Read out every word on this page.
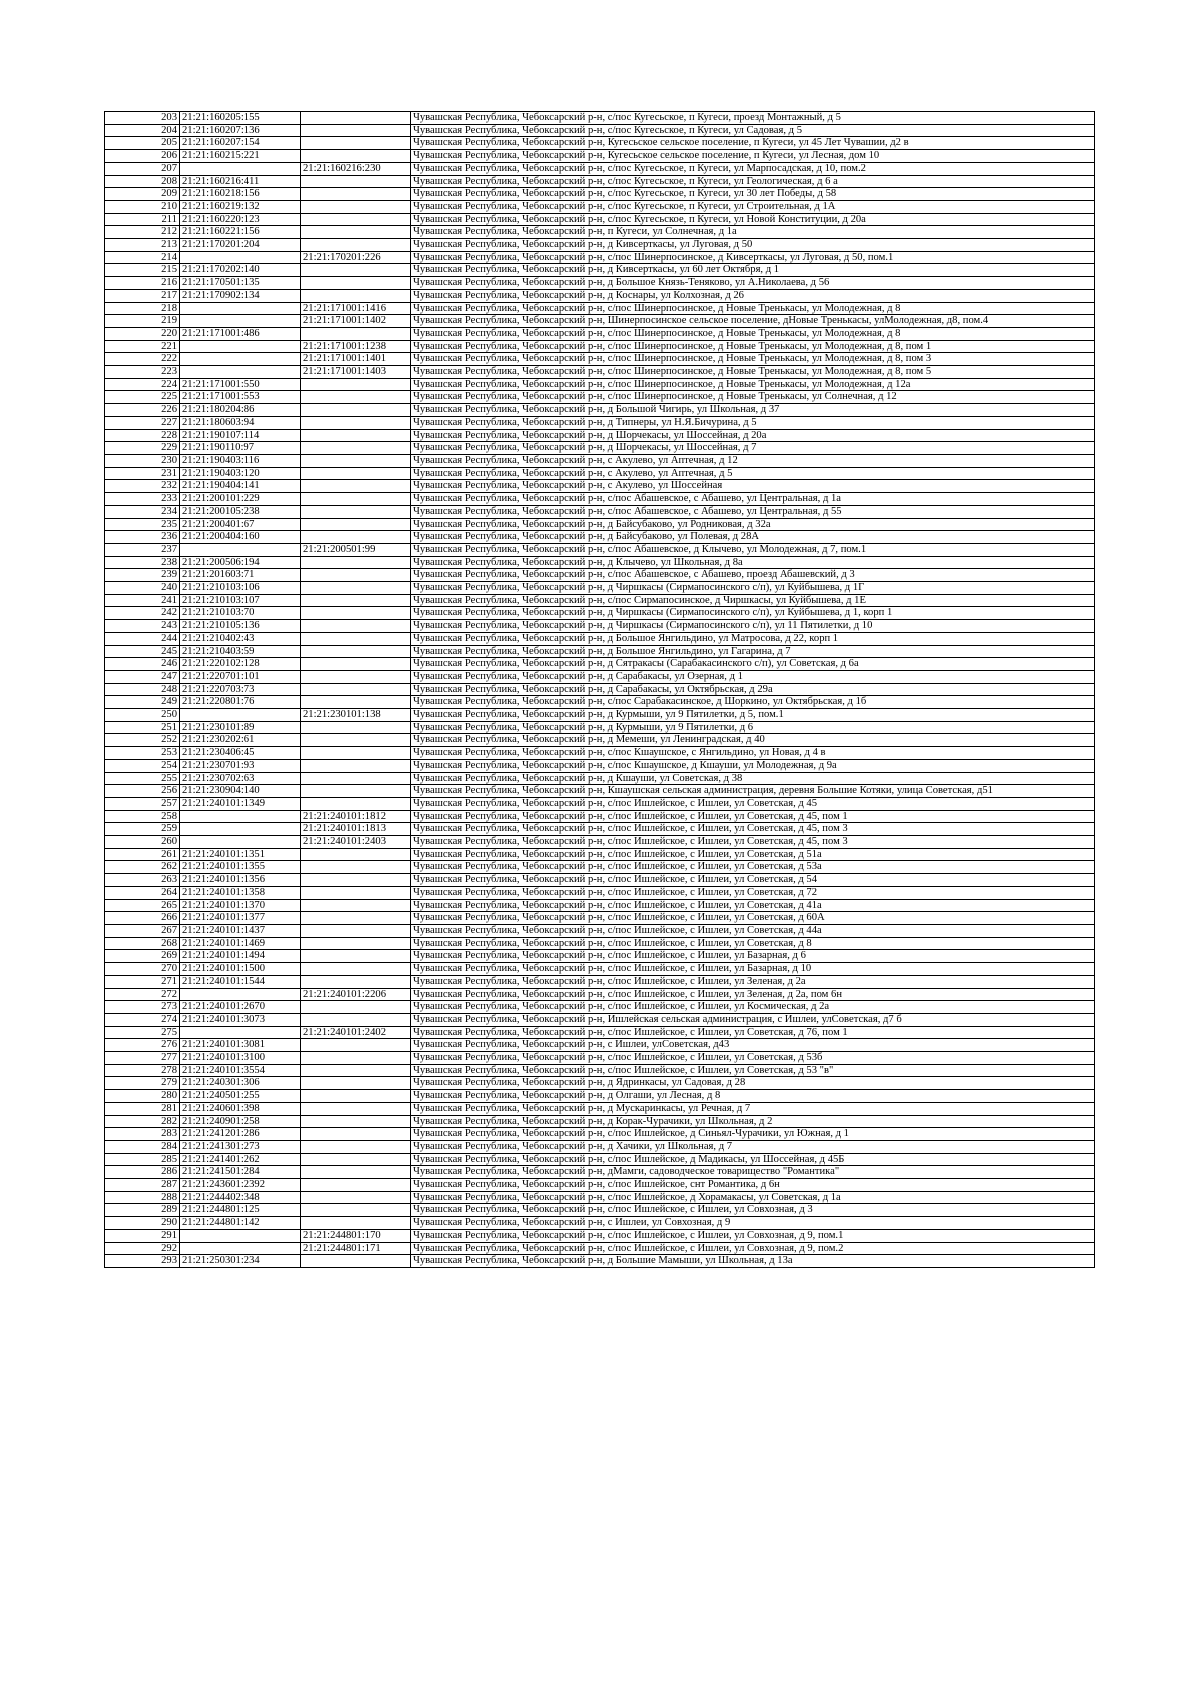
203	21:21:160205:155		Чувашская Республика, Чебоксарский р-н, с/пос Кугесьское, п Кугеси, проезд Монтажный, д 5
204	21:21:160207:136		Чувашская Республика, Чебоксарский р-н, с/пос Кугесьское, п Кугеси, ул Садовая, д 5
205	21:21:160207:154		Чувашская Республика, Чебоксарский р-н, Кугесьское сельское поселение, п Кугеси, ул 45 Лет Чувашии, д2 в
206	21:21:160215:221		Чувашская Республика, Чебоксарский р-н, Кугесьское сельское поселение, п Кугеси, ул Лесная, дом 10
207		21:21:160216:230	Чувашская Республика, Чебоксарский р-н, с/пос Кугесьское, п Кугеси, ул Марпосадская, д 10, пом.2
208	21:21:160216:411		Чувашская Республика, Чебоксарский р-н, с/пос Кугесьское, п Кугеси, ул Геологическая, д 6 а
209	21:21:160218:156		Чувашская Республика, Чебоксарский р-н, с/пос Кугесьское, п Кугеси, ул 30 лет Победы, д 58
210	21:21:160219:132		Чувашская Республика, Чебоксарский р-н, с/пос Кугесьское, п Кугеси, ул Строительная, д 1А
211	21:21:160220:123		Чувашская Республика, Чебоксарский р-н, с/пос Кугесьское, п Кугеси, ул Новой Конституции, д 20а
212	21:21:160221:156		Чувашская Республика, Чебоксарский р-н, п Кугеси, ул Солнечная, д 1а
213	21:21:170201:204		Чувашская Республика, Чебоксарский р-н, д Кивсерткасы, ул Луговая, д 50
214		21:21:170201:226	Чувашская Республика, Чебоксарский р-н, с/пос Шинерпосинское, д Кивсерткасы, ул Луговая, д 50, пом.1
215	21:21:170202:140		Чувашская Республика, Чебоксарский р-н, д Кивсерткасы, ул 60 лет Октября, д 1
216	21:21:170501:135		Чувашская Республика, Чебоксарский р-н, д Большое Князь-Теняково, ул А.Николаева, д 56
217	21:21:170902:134		Чувашская Республика, Чебоксарский р-н, д Коснары, ул Колхозная, д 26
218		21:21:171001:1416	Чувашская Республика, Чебоксарский р-н, с/пос Шинерпосинское, д Новые Тренькасы, ул Молодежная, д 8
219		21:21:171001:1402	Чувашская Республика, Чебоксарский р-н, Шинерпосинское сельское поселение, дНовые Тренькасы, улМолодежная, д8, пом.4
220	21:21:171001:486		Чувашская Республика, Чебоксарский р-н, с/пос Шинерпосинское, д Новые Тренькасы, ул Молодежная, д 8
221		21:21:171001:1238	Чувашская Республика, Чебоксарский р-н, с/пос Шинерпосинское, д Новые Тренькасы, ул Молодежная, д 8, пом 1
222		21:21:171001:1401	Чувашская Республика, Чебоксарский р-н, с/пос Шинерпосинское, д Новые Тренькасы, ул Молодежная, д 8, пом 3
223		21:21:171001:1403	Чувашская Республика, Чебоксарский р-н, с/пос Шинерпосинское, д Новые Тренькасы, ул Молодежная, д 8, пом 5
224	21:21:171001:550		Чувашская Республика, Чебоксарский р-н, с/пос Шинерпосинское, д Новые Тренькасы, ул Молодежная, д 12а
225	21:21:171001:553		Чувашская Республика, Чебоксарский р-н, с/пос Шинерпосинское, д Новые Тренькасы, ул Солнечная, д 12
226	21:21:180204:86		Чувашская Республика, Чебоксарский р-н, д Большой Чигирь, ул Школьная, д 37
227	21:21:180603:94		Чувашская Республика, Чебоксарский р-н, д Типнеры, ул Н.Я.Бичурина, д 5
228	21:21:190107:114		Чувашская Республика, Чебоксарский р-н, д Шорчекасы, ул Шоссейная, д 20а
229	21:21:190110:97		Чувашская Республика, Чебоксарский р-н, д Шорчекасы, ул Шоссейная, д 7
230	21:21:190403:116		Чувашская Республика, Чебоксарский р-н, с Акулево, ул Аптечная, д 12
231	21:21:190403:120		Чувашская Республика, Чебоксарский р-н, с Акулево, ул Аптечная, д 5
232	21:21:190404:141		Чувашская Республика, Чебоксарский р-н, с Акулево, ул Шоссейная
233	21:21:200101:229		Чувашская Республика, Чебоксарский р-н, с/пос Абашевское, с Абашево, ул Центральная, д 1а
234	21:21:200105:238		Чувашская Республика, Чебоксарский р-н, с/пос Абашевское, с Абашево, ул Центральная, д 55
235	21:21:200401:67		Чувашская Республика, Чебоксарский р-н, д Байсубаково, ул Родниковая, д 32а
236	21:21:200404:160		Чувашская Республика, Чебоксарский р-н, д Байсубаково, ул Полевая, д 28А
237		21:21:200501:99	Чувашская Республика, Чебоксарский р-н, с/пос Абашевское, д Клычево, ул Молодежная, д 7, пом.1
238	21:21:200506:194		Чувашская Республика, Чебоксарский р-н, д Клычево, ул Школьная, д 8а
239	21:21:201603:71		Чувашская Республика, Чебоксарский р-н, с/пос Абашевское, с Абашево, проезд Абашевский, д 3
240	21:21:210103:106		Чувашская Республика, Чебоксарский р-н, д Чиршкасы (Сирмапосинского с/п), ул Куйбышева, д 1Г
241	21:21:210103:107		Чувашская Республика, Чебоксарский р-н, с/пос Сирмапосинское, д Чиршкасы, ул Куйбышева, д 1Е
242	21:21:210103:70		Чувашская Республика, Чебоксарский р-н, д Чиршкасы (Сирмапосинского с/п), ул Куйбышева, д 1, корп 1
243	21:21:210105:136		Чувашская Республика, Чебоксарский р-н, д Чиршкасы (Сирмапосинского с/п), ул 11 Пятилетки, д 10
244	21:21:210402:43		Чувашская Республика, Чебоксарский р-н, д Большое Янгильдино, ул Матросова, д 22, корп 1
245	21:21:210403:59		Чувашская Республика, Чебоксарский р-н, д Большое Янгильдино, ул Гагарина, д 7
246	21:21:220102:128		Чувашская Республика, Чебоксарский р-н, д Сятракасы (Сарабакасинского с/п), ул Советская, д 6а
247	21:21:220701:101		Чувашская Республика, Чебоксарский р-н, д Сарабакасы, ул Озерная, д 1
248	21:21:220703:73		Чувашская Республика, Чебоксарский р-н, д Сарабакасы, ул Октябрьская, д 29а
249	21:21:220801:76		Чувашская Республика, Чебоксарский р-н, с/пос Сарабакасинское, д Шоркино, ул Октябрьская, д 1б
250		21:21:230101:138	Чувашская Республика, Чебоксарский р-н, д Курмыши, ул 9 Пятилетки, д 5, пом.1
251	21:21:230101:89		Чувашская Республика, Чебоксарский р-н, д Курмыши, ул 9 Пятилетки, д 6
252	21:21:230202:61		Чувашская Республика, Чебоксарский р-н, д Мемеши, ул Ленинградская, д 40
253	21:21:230406:45		Чувашская Республика, Чебоксарский р-н, с/пос Кшаушское, с Янгильдино, ул Новая, д 4 в
254	21:21:230701:93		Чувашская Республика, Чебоксарский р-н, с/пос Кшаушское, д Кшауши, ул Молодежная, д 9а
255	21:21:230702:63		Чувашская Республика, Чебоксарский р-н, д Кшауши, ул Советская, д 38
256	21:21:230904:140		Чувашская Республика, Чебоксарский р-н, Кшаушская сельская администрация, деревня Большие Котяки, улица Советская, д51
257	21:21:240101:1349		Чувашская Республика, Чебоксарский р-н, с/пос Ишлейское, с Ишлеи, ул Советская, д 45
258		21:21:240101:1812	Чувашская Республика, Чебоксарский р-н, с/пос Ишлейское, с Ишлеи, ул Советская, д 45, пом 1
259		21:21:240101:1813	Чувашская Республика, Чебоксарский р-н, с/пос Ишлейское, с Ишлеи, ул Советская, д 45, пом 3
260		21:21:240101:2403	Чувашская Республика, Чебоксарский р-н, с/пос Ишлейское, с Ишлеи, ул Советская, д 45, пом 3
261	21:21:240101:1351		Чувашская Республика, Чебоксарский р-н, с/пос Ишлейское, с Ишлеи, ул Советская, д 51а
262	21:21:240101:1355		Чувашская Республика, Чебоксарский р-н, с/пос Ишлейское, с Ишлеи, ул Советская, д 53а
263	21:21:240101:1356		Чувашская Республика, Чебоксарский р-н, с/пос Ишлейское, с Ишлеи, ул Советская, д 54
264	21:21:240101:1358		Чувашская Республика, Чебоксарский р-н, с/пос Ишлейское, с Ишлеи, ул Советская, д 72
265	21:21:240101:1370		Чувашская Республика, Чебоксарский р-н, с/пос Ишлейское, с Ишлеи, ул Советская, д 41а
266	21:21:240101:1377		Чувашская Республика, Чебоксарский р-н, с/пос Ишлейское, с Ишлеи, ул Советская, д 60А
267	21:21:240101:1437		Чувашская Республика, Чебоксарский р-н, с/пос Ишлейское, с Ишлеи, ул Советская, д 44а
268	21:21:240101:1469		Чувашская Республика, Чебоксарский р-н, с/пос Ишлейское, с Ишлеи, ул Советская, д 8
269	21:21:240101:1494		Чувашская Республика, Чебоксарский р-н, с/пос Ишлейское, с Ишлеи, ул Базарная, д 6
270	21:21:240101:1500		Чувашская Республика, Чебоксарский р-н, с/пос Ишлейское, с Ишлеи, ул Базарная, д 10
271	21:21:240101:1544		Чувашская Республика, Чебоксарский р-н, с/пос Ишлейское, с Ишлеи, ул Зеленая, д 2а
272		21:21:240101:2206	Чувашская Республика, Чебоксарский р-н, с/пос Ишлейское, с Ишлеи, ул Зеленая, д 2а, пом 6н
273	21:21:240101:2670		Чувашская Республика, Чебоксарский р-н, с/пос Ишлейское, с Ишлеи, ул Космическая, д 2а
274	21:21:240101:3073		Чувашская Республика, Чебоксарский р-н, Ишлейская сельская администрация, с Ишлеи, улСоветская, д7 б
275		21:21:240101:2402	Чувашская Республика, Чебоксарский р-н, с/пос Ишлейское, с Ишлеи, ул Советская, д 76, пом 1
276	21:21:240101:3081		Чувашская Республика, Чебоксарский р-н, с Ишлеи, улСоветская, д43
277	21:21:240101:3100		Чувашская Республика, Чебоксарский р-н, с/пос Ишлейское, с Ишлеи, ул Советская, д 53б
278	21:21:240101:3554		Чувашская Республика, Чебоксарский р-н, с/пос Ишлейское, с Ишлеи, ул Советская, д 53 "в"
279	21:21:240301:306		Чувашская Республика, Чебоксарский р-н, д Ядринкасы, ул Садовая, д 28
280	21:21:240501:255		Чувашская Республика, Чебоксарский р-н, д Олгаши, ул Лесная, д 8
281	21:21:240601:398		Чувашская Республика, Чебоксарский р-н, д Мускаринкасы, ул Речная, д 7
282	21:21:240901:258		Чувашская Республика, Чебоксарский р-н, д Корак-Чурачики, ул Школьная, д 2
283	21:21:241201:286		Чувашская Республика, Чебоксарский р-н, с/пос Ишлейское, д Синьял-Чурачики, ул Южная, д 1
284	21:21:241301:273		Чувашская Республика, Чебоксарский р-н, д Хачики, ул Школьная, д 7
285	21:21:241401:262		Чувашская Республика, Чебоксарский р-н, с/пос Ишлейское, д Мадикасы, ул Шоссейная, д 45Б
286	21:21:241501:284		Чувашская Республика, Чебоксарский р-н, дМамги, садоводческое товарищество "Романтика"
287	21:21:243601:2392		Чувашская Республика, Чебоксарский р-н, с/пос Ишлейское, снт Романтика, д 6н
288	21:21:244402:348		Чувашская Республика, Чебоксарский р-н, с/пос Ишлейское, д Хорамакасы, ул Советская, д 1а
289	21:21:244801:125		Чувашская Республика, Чебоксарский р-н, с/пос Ишлейское, с Ишлеи, ул Совхозная, д 3
290	21:21:244801:142		Чувашская Республика, Чебоксарский р-н, с Ишлеи, ул Совхозная, д 9
291		21:21:244801:170	Чувашская Республика, Чебоксарский р-н, с/пос Ишлейское, с Ишлеи, ул Совхозная, д 9, пом.1
292		21:21:244801:171	Чувашская Республика, Чебоксарский р-н, с/пос Ишлейское, с Ишлеи, ул Совхозная, д 9, пом.2
293	21:21:250301:234		Чувашская Республика, Чебоксарский р-н, д Большие Мамыши, ул Школьная, д 13а
